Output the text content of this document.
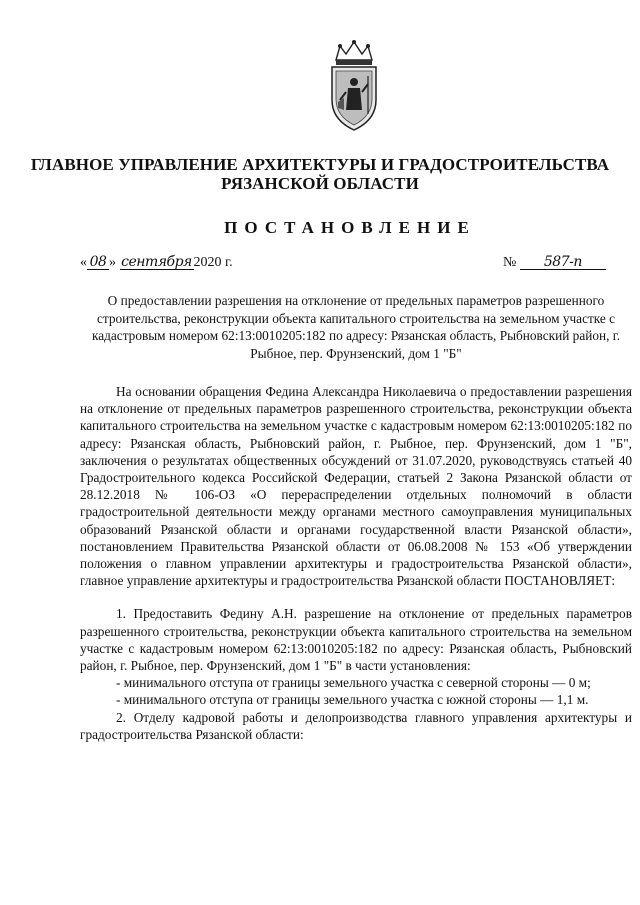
ГЛАВНОЕ УПРАВЛЕНИЕ АРХИТЕКТУРЫ И ГРАДОСТРОИТЕЛЬСТВА
РЯЗАНСКОЙ ОБЛАСТИ
ПОСТАНОВЛЕНИЕ
« 08 » сентября 2020 г.	№ 587-п
О предоставлении разрешения на отклонение от предельных параметров разрешенного строительства, реконструкции объекта капитального строительства на земельном участке с кадастровым номером 62:13:0010205:182 по адресу: Рязанская область, Рыбновский район, г. Рыбное, пер. Фрунзенский, дом 1 "Б"

На основании обращения Федина Александра Николаевича о предоставлении разрешения на отклонение от предельных параметров разрешенного строительства, реконструкции объекта капитального строительства на земельном участке с кадастровым номером 62:13:0010205:182 по адресу: Рязанская область, Рыбновский район, г. Рыбное, пер. Фрунзенский, дом 1 "Б", заключения о результатах общественных обсуждений от 31.07.2020, руководствуясь статьей 40 Градостроительного кодекса Российской Федерации, статьей 2 Закона Рязанской области от 28.12.2018 № 106-ОЗ «О перераспределении отдельных полномочий в области градостроительной деятельности между органами местного самоуправления муниципальных образований Рязанской области и органами государственной власти Рязанской области», постановлением Правительства Рязанской области от 06.08.2008 № 153 «Об утверждении положения о главном управлении архитектуры и градостроительства Рязанской области», главное управление архитектуры и градостроительства Рязанской области ПОСТАНОВЛЯЕТ:

1. Предоставить Федину А.Н. разрешение на отклонение от предельных параметров разрешенного строительства, реконструкции объекта капитального строительства на земельном участке с кадастровым номером 62:13:0010205:182 по адресу: Рязанская область, Рыбновский район, г. Рыбное, пер. Фрунзенский, дом 1 "Б" в части установления:

- минимального отступа от границы земельного участка с северной стороны — 0 м;

- минимального отступа от границы земельного участка с южной стороны — 1,1 м.

2. Отделу кадровой работы и делопроизводства главного управления архитектуры и градостроительства Рязанской области:
